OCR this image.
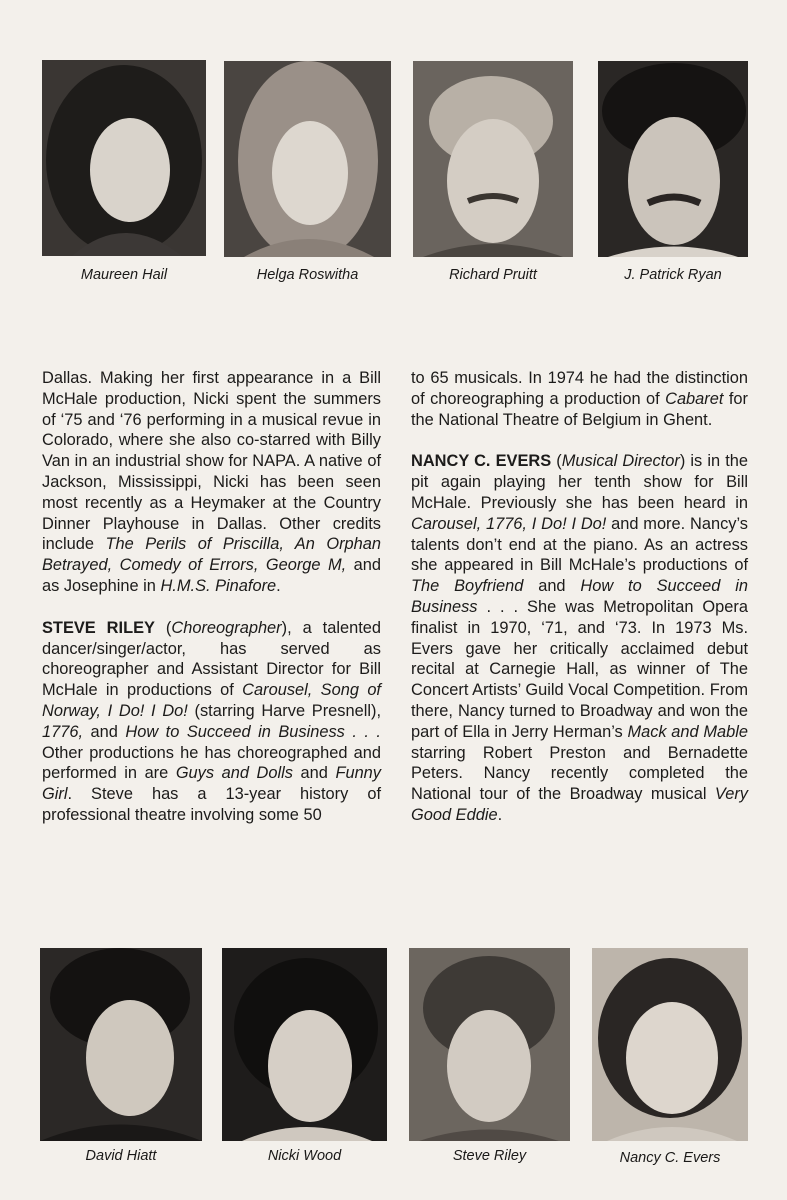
Maureen Hail	Helga Roswitha	Richard Pruitt	J. Patrick Ryan

Dallas. Making her first appearance in a Bill McHale production, Nicki spent the summers of ‘75 and ‘76 performing in a musical revue in Colorado, where she also co-starred with Billy Van in an industrial show for NAPA. A native of Jackson, Mississippi, Nicki has been seen most recently as a Heymaker at the Country Dinner Playhouse in Dallas. Other credits include The Perils of Priscilla, An Orphan Betrayed, Comedy of Errors, George M, and as Josephine in H.M.S. Pinafore.

STEVE RILEY (Choreographer), a talented dancer/singer/actor, has served as choreographer and Assistant Director for Bill McHale in productions of Carousel, Song of Norway, I Do! I Do! (starring Harve Presnell), 1776, and How to Succeed in Business . . . Other productions he has choreographed and performed in are Guys and Dolls and Funny Girl. Steve has a 13-year history of professional theatre involving some 50

to 65 musicals. In 1974 he had the distinction of choreographing a production of Cabaret for the National Theatre of Belgium in Ghent.

NANCY C. EVERS (Musical Director) is in the pit again playing her tenth show for Bill McHale. Previously she has been heard in Carousel, 1776, I Do! I Do! and more. Nancy’s talents don’t end at the piano. As an actress she appeared in Bill McHale’s productions of The Boyfriend and How to Succeed in Business . . . She was Metropolitan Opera finalist in 1970, ‘71, and ‘73. In 1973 Ms. Evers gave her critically acclaimed debut recital at Carnegie Hall, as winner of The Concert Artists’ Guild Vocal Competition. From there, Nancy turned to Broadway and won the part of Ella in Jerry Herman’s Mack and Mable starring Robert Preston and Bernadette Peters. Nancy recently completed the National tour of the Broadway musical Very Good Eddie.

David Hiatt	Nicki Wood	Steve Riley	Nancy C. Evers
